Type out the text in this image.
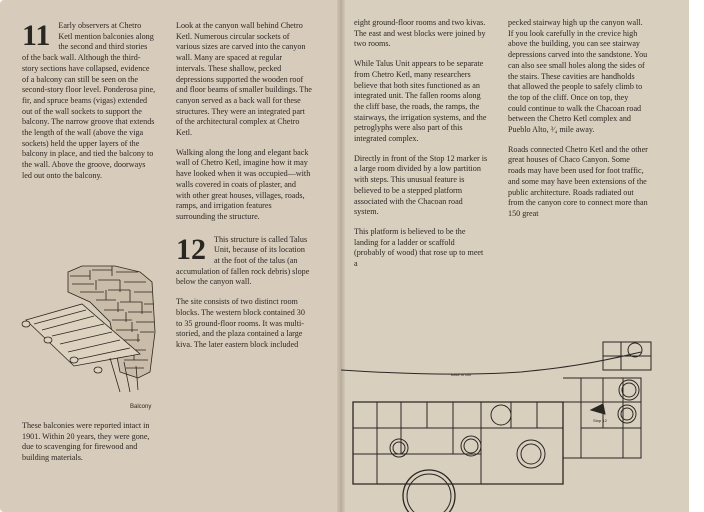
11 Early observers at Chetro Ketl mention balconies along the second and third stories of the back wall. Although the third-story sections have collapsed, evidence of a balcony can still be seen on the second-story floor level. Ponderosa pine, fir, and spruce beams (vigas) extended out of the wall sockets to support the balcony. The narrow groove that extends the length of the wall (above the viga sockets) held the upper layers of the balcony in place, and tied the balcony to the wall. Above the groove, doorways led out onto the balcony.

Balcony

These balconies were reported intact in 1901. Within 20 years, they were gone, due to scavenging for firewood and building materials.

Look at the canyon wall behind Chetro Ketl. Numerous circular sockets of various sizes are carved into the canyon wall. Many are spaced at regular intervals. These shallow, pecked depressions supported the wooden roof and floor beams of smaller buildings. The canyon served as a back wall for these structures. They were an integrated part of the architectural complex at Chetro Ketl.

Walking along the long and elegant back wall of Chetro Ketl, imagine how it may have looked when it was occupied—with walls covered in coats of plaster, and with other great houses, villages, roads, ramps, and irrigation features surrounding the structure.

12 This structure is called Talus Unit, because of its location at the foot of the talus (an accumulation of fallen rock debris) slope below the canyon wall.

The site consists of two distinct room blocks. The western block contained 30 to 35 ground-floor rooms. It was multi-storied, and the plaza contained a large kiva. The later eastern block included

eight ground-floor rooms and two kivas. The east and west blocks were joined by two rooms.

While Talus Unit appears to be separate from Chetro Ketl, many researchers believe that both sites functioned as an integrated unit. The fallen rooms along the cliff base, the roads, the ramps, the stairways, the irrigation systems, and the petroglyphs were also part of this integrated complex.

Directly in front of the Stop 12 marker is a large room divided by a low partition with steps. This unusual feature is believed to be a stepped platform associated with the Chacoan road system.

This platform is believed to be the landing for a ladder or scaffold (probably of wood) that rose up to meet a

pecked stairway high up the canyon wall. If you look carefully in the crevice high above the building, you can see stairway depressions carved into the sandstone. You can also see small holes along the sides of the stairs. These cavities are handholds that allowed the people to safely climb to the top of the cliff. Once on top, they could continue to walk the Chacoan road between the Chetro Ketl complex and Pueblo Alto, ³⁄₄ mile away.

Roads connected Chetro Ketl and the other great houses of Chaco Canyon. Some roads may have been used for foot traffic, and some may have been extensions of the public architecture. Roads radiated out from the canyon core to connect more than 150 great

base of cliff
Stop 12
